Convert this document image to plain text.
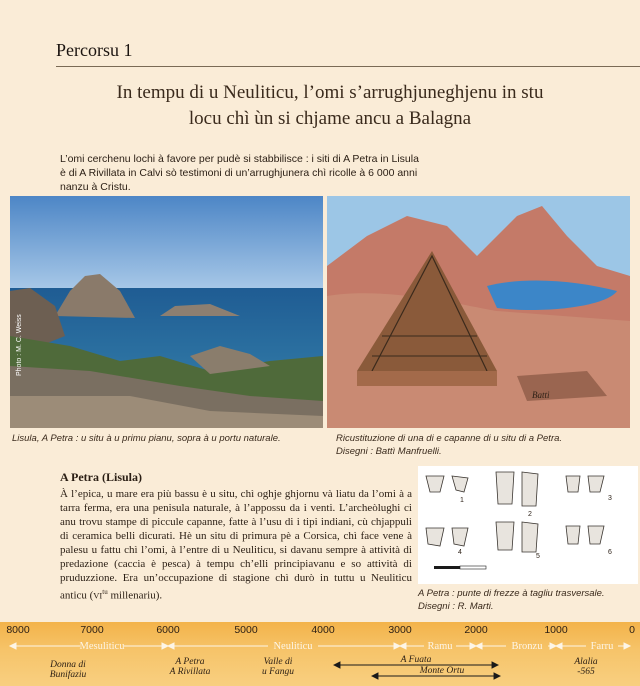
Percorsu 1
In tempu di u Neuliticu, l’omi s’arrughjuneghjenu in stu
locu chì ùn si chjame ancu a Balagna
L’omi cerchenu lochi à favore per pudè si stabbilisce : i siti di A Petra in Lisula è di A Rivillata in Calvi sò testimoni di un’arrughjunera chì ricolle à 6 000 anni nanzu à Cristu.
Photo : M. C. Weiss
Batti
Lisula, A Petra : u situ à u primu pianu, sopra à u portu naturale.	Ricustituzione di una di e capanne di u situ di a Petra.
Disegni : Battì Manfruelli.
A Petra (Lisula)
À l’epica, u mare era più bassu è u situ, chì oghje ghjornu và liatu da l’omi à a tarra ferma, era una penisula naturale, à l’appossu da i venti. L’archeòlughi ci anu trovu stampe di piccule capanne, fatte à l’usu di i tipi indiani, cù chjappuli di ceramica belli dicurati. Hè un situ di primura pè a Corsica, chì face vene à palesu u fattu chì l’omi, à l’entre di u Neuliticu, si davanu sempre à attività di predazione (caccia è pesca) à tempu ch’elli principiavanu e so attività di pruduzzione. Era un’occupazione di stagione chì durò in tuttu u Neuliticu anticu ($VI^{tu}$ millenariu).
1
2
3
4
5
6
A Petra : punte di frezze à tagliu trasversale.
Disegni : R. Marti.
8000	7000	6000	5000	4000	3000	2000	1000	0
Mesuliticu	Neuliticu	Ramu	Bronzu	Farru
Donna di
Bunifaziu
A Petra
A Rivillata
Valle di
u Fangu
A Fuata
Monte Ortu
Alalia
-565
